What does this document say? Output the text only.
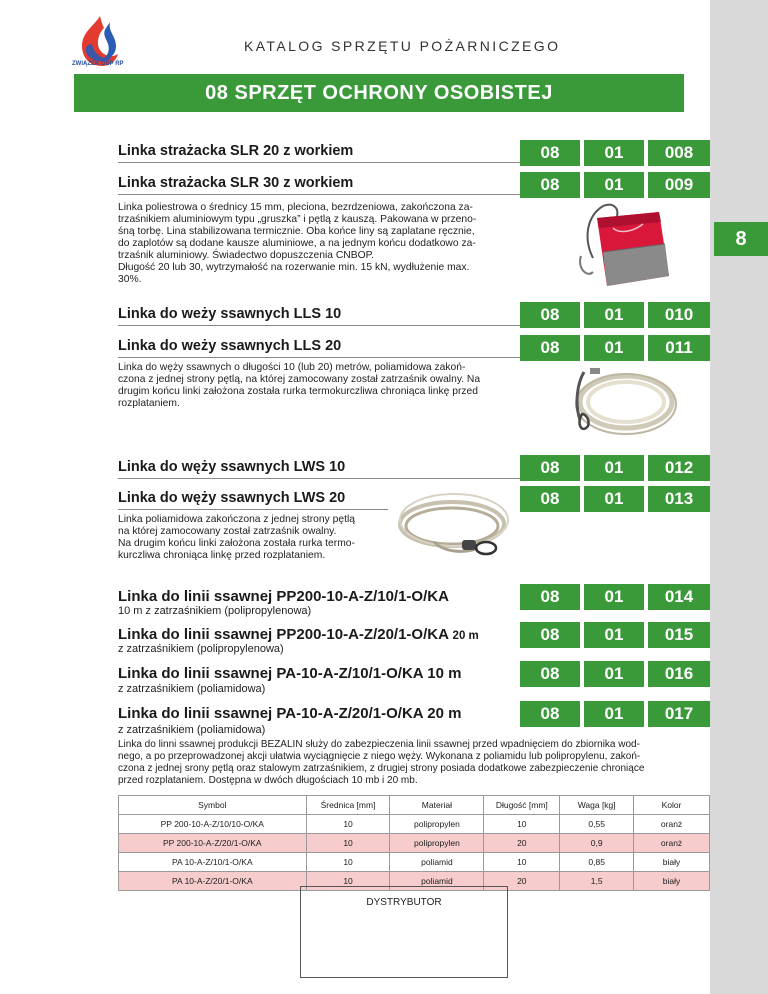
8
ZWIĄZEK OSP RP
KATALOG SPRZĘTU POŻARNICZEGO
08 SPRZĘT OCHRONY OSOBISTEJ
Linka strażacka SLR 20 z workiem	08	01	008
Linka strażacka SLR 30 z workiem	08	01	009
Linka poliestrowa o średnicy 15 mm, pleciona, bezrdzeniowa, zakończona za-
trzaśnikiem aluminiowym typu „gruszka” i pętlą z kauszą. Pakowana w przeno-
śną torbę. Lina stabilizowana termicznie. Oba końce liny są zaplatane ręcznie,
do zaplotów są dodane kausze aluminiowe, a na jednym końcu dodatkowo za-
trzaśnik aluminiowy. Świadectwo dopuszczenia CNBOP.
Długość 20 lub 30, wytrzymałość na rozerwanie min. 15 kN, wydłużenie max.
30%.
Linka do weży ssawnych LLS 10	08	01	010
Linka do weży ssawnych LLS 20	08	01	011
Linka do węży ssawnych o długości 10 (lub 20) metrów, poliamidowa zakoń-
czona z jednej strony pętlą, na której zamocowany został zatrzaśnik owalny. Na
drugim końcu linki założona została rurka termokurczliwa chroniąca linkę przed
rozplataniem.
Linka do węży ssawnych LWS 10	08	01	012
Linka do węży ssawnych LWS 20	08	01	013
Linka poliamidowa zakończona z jednej strony pętlą
na której zamocowany został zatrzaśnik owalny.
Na drugim końcu linki założona została rurka termo-
kurczliwa chroniąca linkę przed rozplataniem.
Linka do linii ssawnej PP200-10-A-Z/10/1-O/KA
10 m z zatrzaśnikiem (polipropylenowa)
08	01	014
Linka do linii ssawnej PP200-10-A-Z/20/1-O/KA 20 m
z zatrzaśnikiem (polipropylenowa)
08	01	015
Linka do linii ssawnej PA-10-A-Z/10/1-O/KA 10 m
z zatrzaśnikiem (poliamidowa)
08	01	016
Linka do linii ssawnej PA-10-A-Z/20/1-O/KA 20 m
z zatrzaśnikiem (poliamidowa)
08	01	017
Linka do linni ssawnej produkcji BEZALIN służy do zabezpieczenia linii ssawnej przed wpadnięciem do zbiornika wod-
nego, a po przeprowadzonej akcji ułatwia wyciągnięcie z niego węży. Wykonana z poliamidu lub polipropylenu, zakoń-
czona z jednej srony pętlą oraz stalowym zatrzaśnikiem, z drugiej strony posiada dodatkowe zabezpieczenie chroniące
przed rozplataniem. Dostępna w dwóch długościach 10 mb i 20 mb.
Symbol	Średnica [mm]	Materiał	Długość [mm]	Waga [kg]	Kolor
PP 200-10-A-Z/10/10-O/KA	10	polipropylen	10	0,55	oranż
PP 200-10-A-Z/20/1-O/KA	10	polipropylen	20	0,9	oranż
PA 10-A-Z/10/1-O/KA	10	poliamid	10	0,85	biały
PA 10-A-Z/20/1-O/KA	10	poliamid	20	1,5	biały
DYSTRYBUTOR
